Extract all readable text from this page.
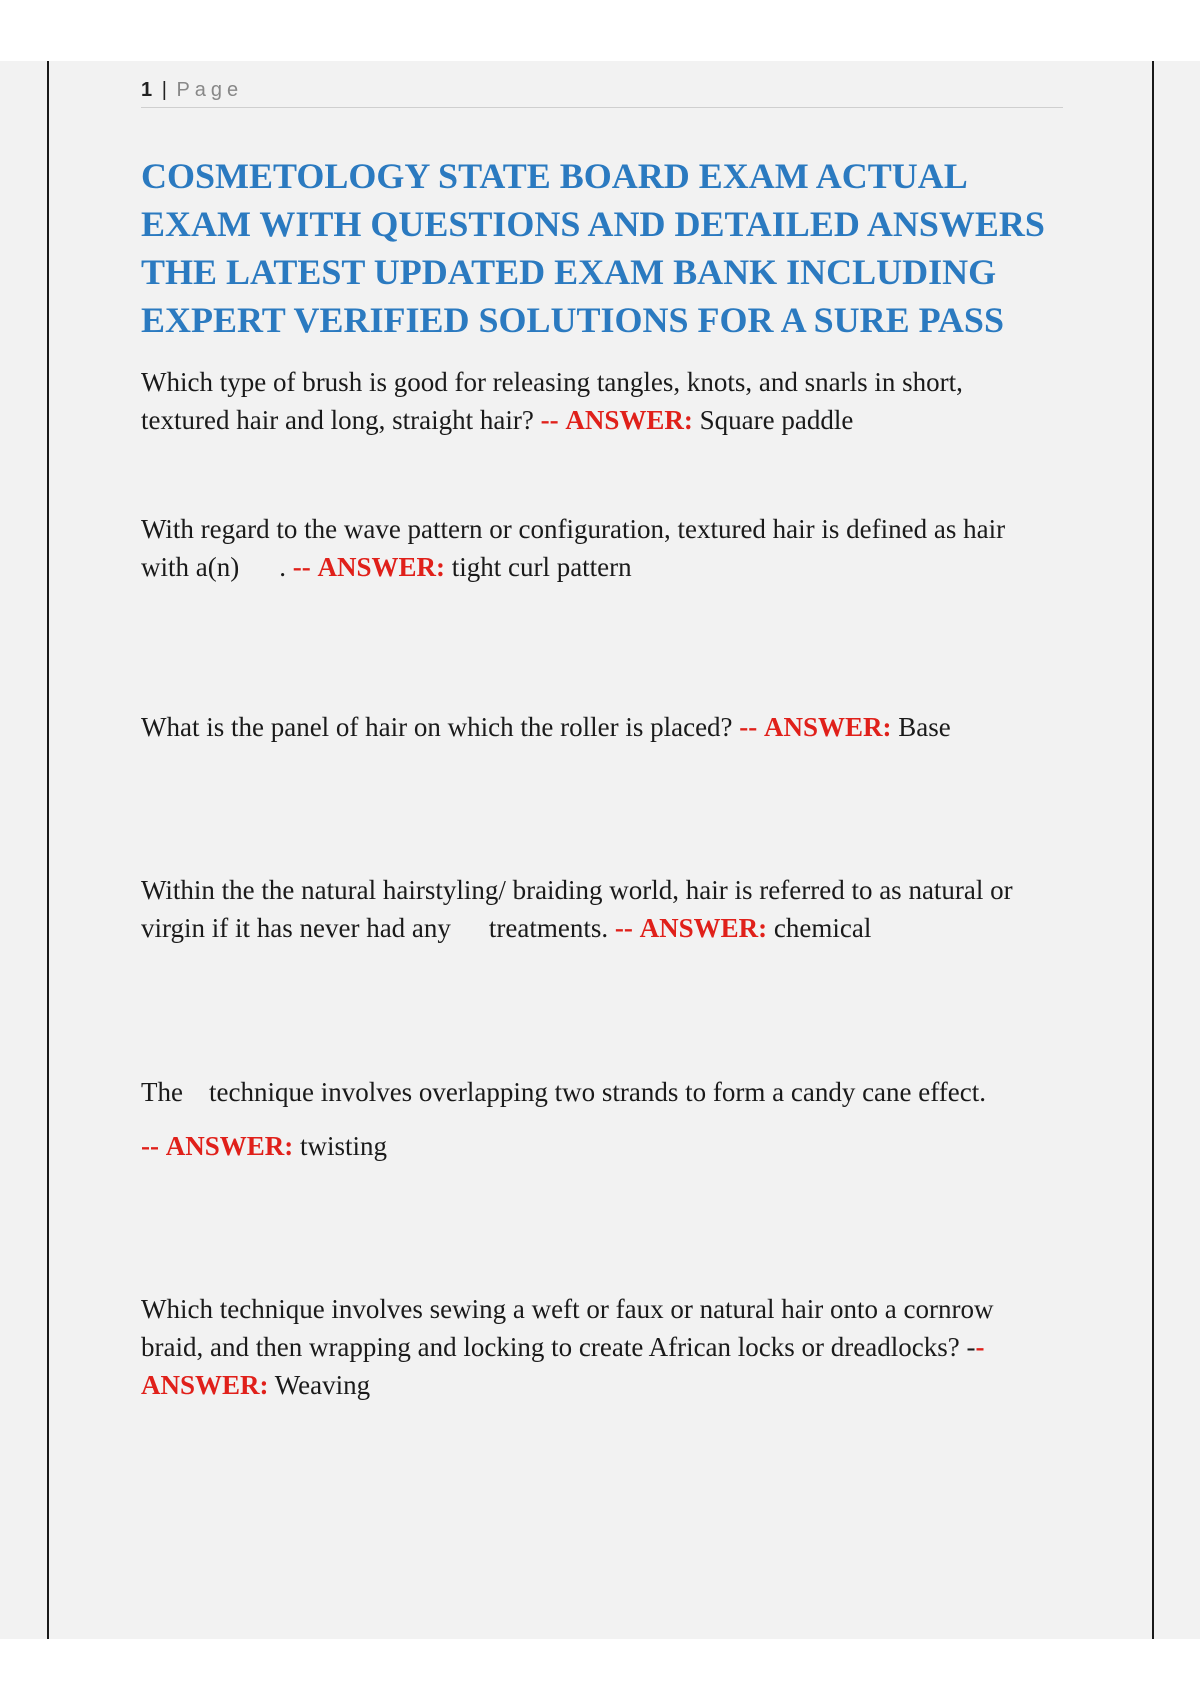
1 | Page
COSMETOLOGY STATE BOARD EXAM ACTUAL EXAM WITH QUESTIONS AND DETAILED ANSWERS THE LATEST UPDATED EXAM BANK INCLUDING EXPERT VERIFIED SOLUTIONS FOR A SURE PASS

Which type of brush is good for releasing tangles, knots, and snarls in short, textured hair and long, straight hair? -- ANSWER: Square paddle

With regard to the wave pattern or configuration, textured hair is defined as hair with a(n) . -- ANSWER: tight curl pattern

What is the panel of hair on which the roller is placed? -- ANSWER: Base

Within the the natural hairstyling/ braiding world, hair is referred to as natural or virgin if it has never had any treatments. -- ANSWER: chemical

The technique involves overlapping two strands to form a candy cane effect.

-- ANSWER: twisting

Which technique involves sewing a weft or faux or natural hair onto a cornrow braid, and then wrapping and locking to create African locks or dreadlocks? -- ANSWER: Weaving
